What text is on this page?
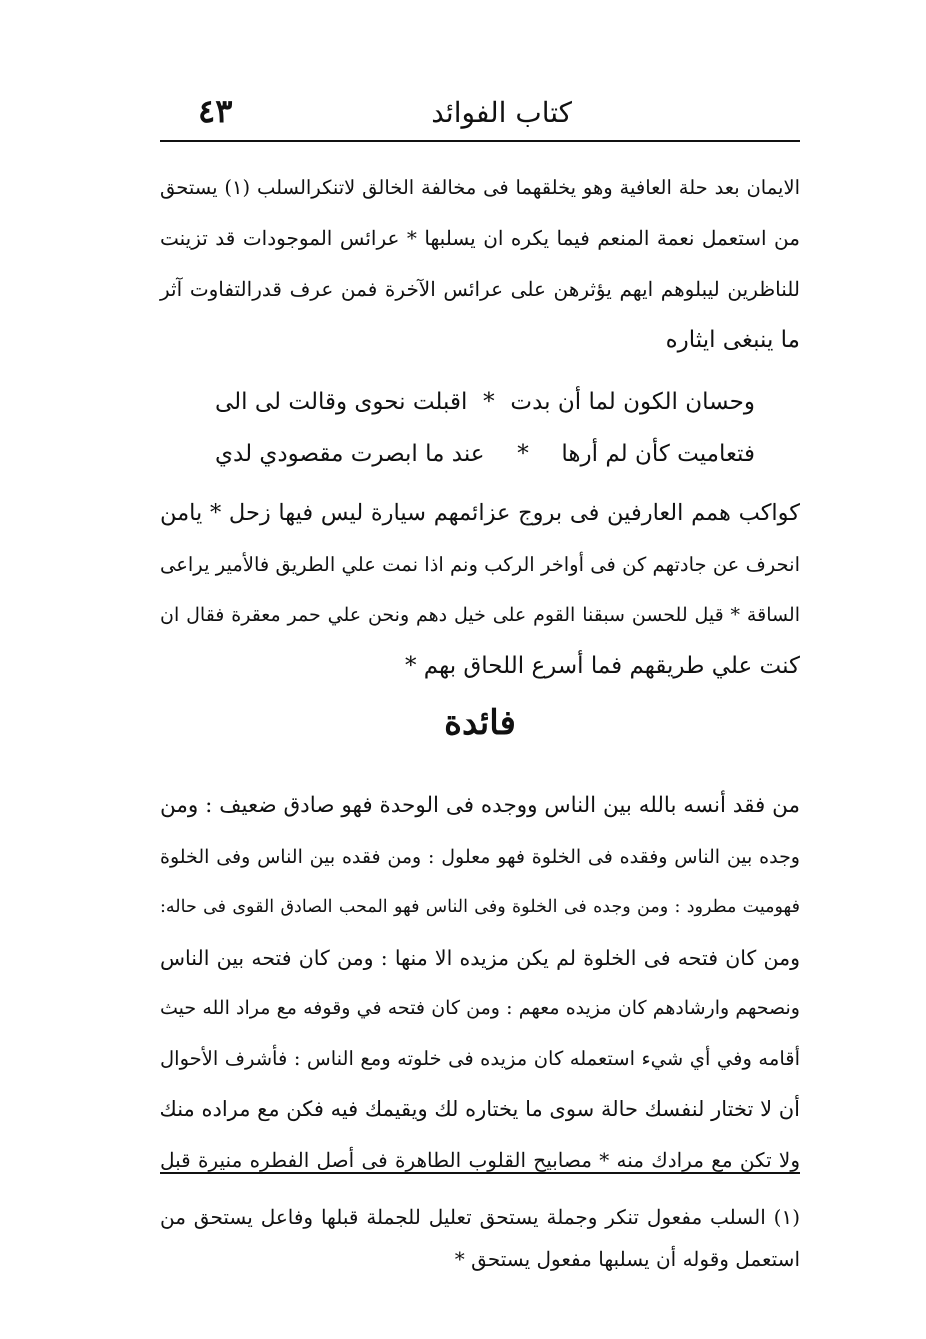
٤٣	كتاب الفوائد
الايمان بعد حلة العافية وهو يخلقهما فى مخالفة الخالق لاتنكرالسلب (١) يستحق
من استعمل نعمة المنعم فيما يكره ان يسلبها * عرائس الموجودات قد تزينت
للناظرين ليبلوهم ايهم يؤثرهن على عرائس الآخرة فمن عرف قدرالتفاوت آثر
ما ينبغى ايثاره
وحسان الكون لما أن بدت
*
اقبلت نحوى وقالت لى الى
فتعاميت كأن لم أرها
*
عند ما ابصرت مقصودي لدي
كواكب همم العارفين فى بروج عزائمهم سيارة ليس فيها زحل * يامن
انحرف عن جادتهم كن فى أواخر الركب ونم اذا نمت علي الطريق فالأمير يراعى
الساقة * قيل للحسن سبقنا القوم على خيل دهم ونحن علي حمر معقرة فقال ان
كنت علي طريقهم فما أسرع اللحاق بهم *
فائدة
من فقد أنسه بالله بين الناس ووجده فى الوحدة فهو صادق ضعيف : ومن
وجده بين الناس وفقده فى الخلوة فهو معلول : ومن فقده بين الناس وفى الخلوة
فهوميت مطرود : ومن وجده فى الخلوة وفى الناس فهو المحب الصادق القوى فى حاله:
ومن كان فتحه فى الخلوة لم يكن مزيده الا منها : ومن كان فتحه بين الناس
ونصحهم وارشادهم كان مزيده معهم : ومن كان فتحه في وقوفه مع مراد الله حيث
أقامه وفي أي شيء استعمله كان مزيده فى خلوته ومع الناس : فأشرف الأحوال
أن لا تختار لنفسك حالة سوى ما يختاره لك ويقيمك فيه فكن مع مراده منك
ولا تكن مع مرادك منه * مصابيح القلوب الطاهرة فى أصل الفطره منيرة قبل
(١) السلب مفعول تنكر وجملة يستحق تعليل للجملة قبلها وفاعل يستحق من
استعمل وقوله أن يسلبها مفعول يستحق *
